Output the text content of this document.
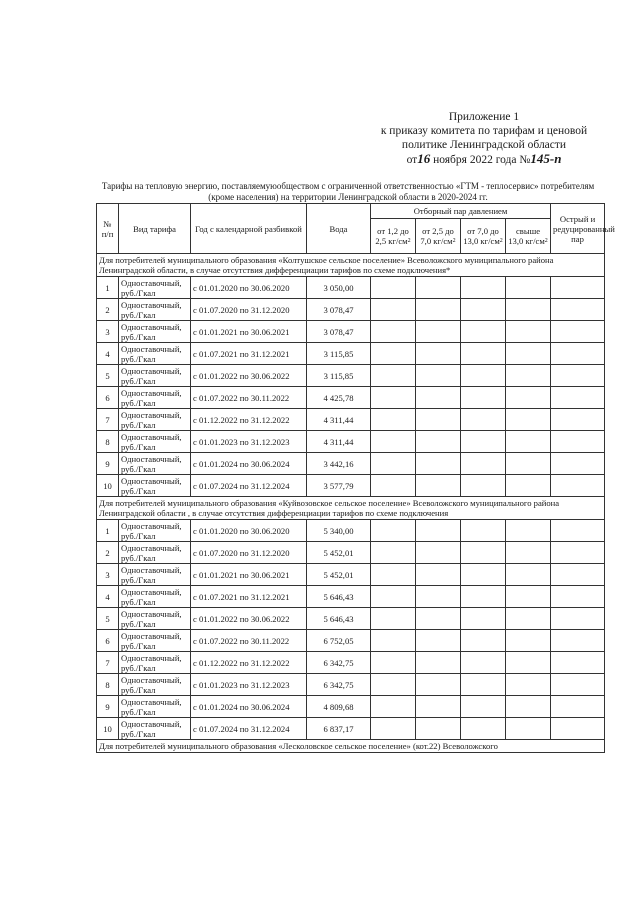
Приложение 1
к приказу комитета по тарифам и ценовой
политике Ленинградской области
от16 ноября 2022 года №145-п
Тарифы на тепловую энергию, поставляемуюобществом с ограниченной ответственностью «ГТМ - теплосервис» потребителям (кроме населения) на территории Ленинградской области в 2020-2024 гг.
№ п/п	Вид тарифа	Год с календарной разбивкой	Вода	Отборный пар давлением				Острый и редуцированный пар
				от 1,2 до 2,5 $кг/см^2$	от 2,5 до 7,0 $кг/см^2$	от 7,0 до 13,0 $кг/см^2$	свыше 13,0 $кг/см^2$
Для потребителей муниципального образования «Колтушское сельское поселение» Всеволожского муниципального района Ленинградской области, в случае отсутствия дифференциации тарифов по схеме подключения*								
1	Одноставочный, руб./Гкал	с 01.01.2020 по 30.06.2020	3 050,00					
2	Одноставочный, руб./Гкал	с 01.07.2020 по 31.12.2020	3 078,47					
3	Одноставочный, руб./Гкал	с 01.01.2021 по 30.06.2021	3 078,47					
4	Одноставочный, руб./Гкал	с 01.07.2021 по 31.12.2021	3 115,85					
5	Одноставочный, руб./Гкал	с 01.01.2022 по 30.06.2022	3 115,85					
6	Одноставочный, руб./Гкал	с 01.07.2022 по 30.11.2022	4 425,78					
7	Одноставочный, руб./Гкал	с 01.12.2022 по 31.12.2022	4 311,44					
8	Одноставочный, руб./Гкал	с 01.01.2023 по 31.12.2023	4 311,44					
9	Одноставочный, руб./Гкал	с 01.01.2024 по 30.06.2024	3 442,16					
10	Одноставочный, руб./Гкал	с 01.07.2024 по 31.12.2024	3 577,79					
Для потребителей муниципального образования «Куйвозовское сельское поселение» Всеволожского муниципального района Ленинградской области , в случае отсутствия дифференциации тарифов по схеме подключения								
1	Одноставочный, руб./Гкал	с 01.01.2020 по 30.06.2020	5 340,00					
2	Одноставочный, руб./Гкал	с 01.07.2020 по 31.12.2020	5 452,01					
3	Одноставочный, руб./Гкал	с 01.01.2021 по 30.06.2021	5 452,01					
4	Одноставочный, руб./Гкал	с 01.07.2021 по 31.12.2021	5 646,43					
5	Одноставочный, руб./Гкал	с 01.01.2022 по 30.06.2022	5 646,43					
6	Одноставочный, руб./Гкал	с 01.07.2022 по 30.11.2022	6 752,05					
7	Одноставочный, руб./Гкал	с 01.12.2022 по 31.12.2022	6 342,75					
8	Одноставочный, руб./Гкал	с 01.01.2023 по 31.12.2023	6 342,75					
9	Одноставочный, руб./Гкал	с 01.01.2024 по 30.06.2024	4 809,68					
10	Одноставочный, руб./Гкал	с 01.07.2024 по 31.12.2024	6 837,17					
Для потребителей муниципального образования «Лесколовское сельское поселение» (кот.22) Всеволожского								
